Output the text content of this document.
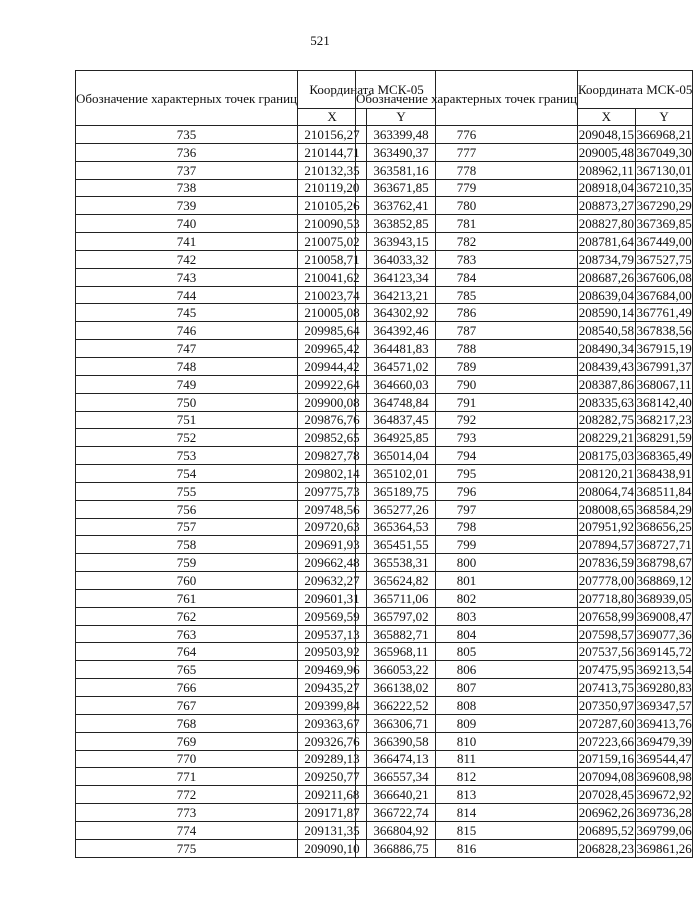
521
Обозначение характерных точек границ	Координата МСК-05	
	X	Y
735	210156,27	363399,48
736	210144,71	363490,37
737	210132,35	363581,16
738	210119,20	363671,85
739	210105,26	363762,41
740	210090,53	363852,85
741	210075,02	363943,15
742	210058,71	364033,32
743	210041,62	364123,34
744	210023,74	364213,21
745	210005,08	364302,92
746	209985,64	364392,46
747	209965,42	364481,83
748	209944,42	364571,02
749	209922,64	364660,03
750	209900,08	364748,84
751	209876,76	364837,45
752	209852,65	364925,85
753	209827,78	365014,04
754	209802,14	365102,01
755	209775,73	365189,75
756	209748,56	365277,26
757	209720,63	365364,53
758	209691,93	365451,55
759	209662,48	365538,31
760	209632,27	365624,82
761	209601,31	365711,06
762	209569,59	365797,02
763	209537,13	365882,71
764	209503,92	365968,11
765	209469,96	366053,22
766	209435,27	366138,02
767	209399,84	366222,52
768	209363,67	366306,71
769	209326,76	366390,58
770	209289,13	366474,13
771	209250,77	366557,34
772	209211,68	366640,21
773	209171,87	366722,74
774	209131,35	366804,92
775	209090,10	366886,75
Обозначение характерных точек границ	Координата МСК-05	
	X	Y
776	209048,15	366968,21
777	209005,48	367049,30
778	208962,11	367130,01
779	208918,04	367210,35
780	208873,27	367290,29
781	208827,80	367369,85
782	208781,64	367449,00
783	208734,79	367527,75
784	208687,26	367606,08
785	208639,04	367684,00
786	208590,14	367761,49
787	208540,58	367838,56
788	208490,34	367915,19
789	208439,43	367991,37
790	208387,86	368067,11
791	208335,63	368142,40
792	208282,75	368217,23
793	208229,21	368291,59
794	208175,03	368365,49
795	208120,21	368438,91
796	208064,74	368511,84
797	208008,65	368584,29
798	207951,92	368656,25
799	207894,57	368727,71
800	207836,59	368798,67
801	207778,00	368869,12
802	207718,80	368939,05
803	207658,99	369008,47
804	207598,57	369077,36
805	207537,56	369145,72
806	207475,95	369213,54
807	207413,75	369280,83
808	207350,97	369347,57
809	207287,60	369413,76
810	207223,66	369479,39
811	207159,16	369544,47
812	207094,08	369608,98
813	207028,45	369672,92
814	206962,26	369736,28
815	206895,52	369799,06
816	206828,23	369861,26
